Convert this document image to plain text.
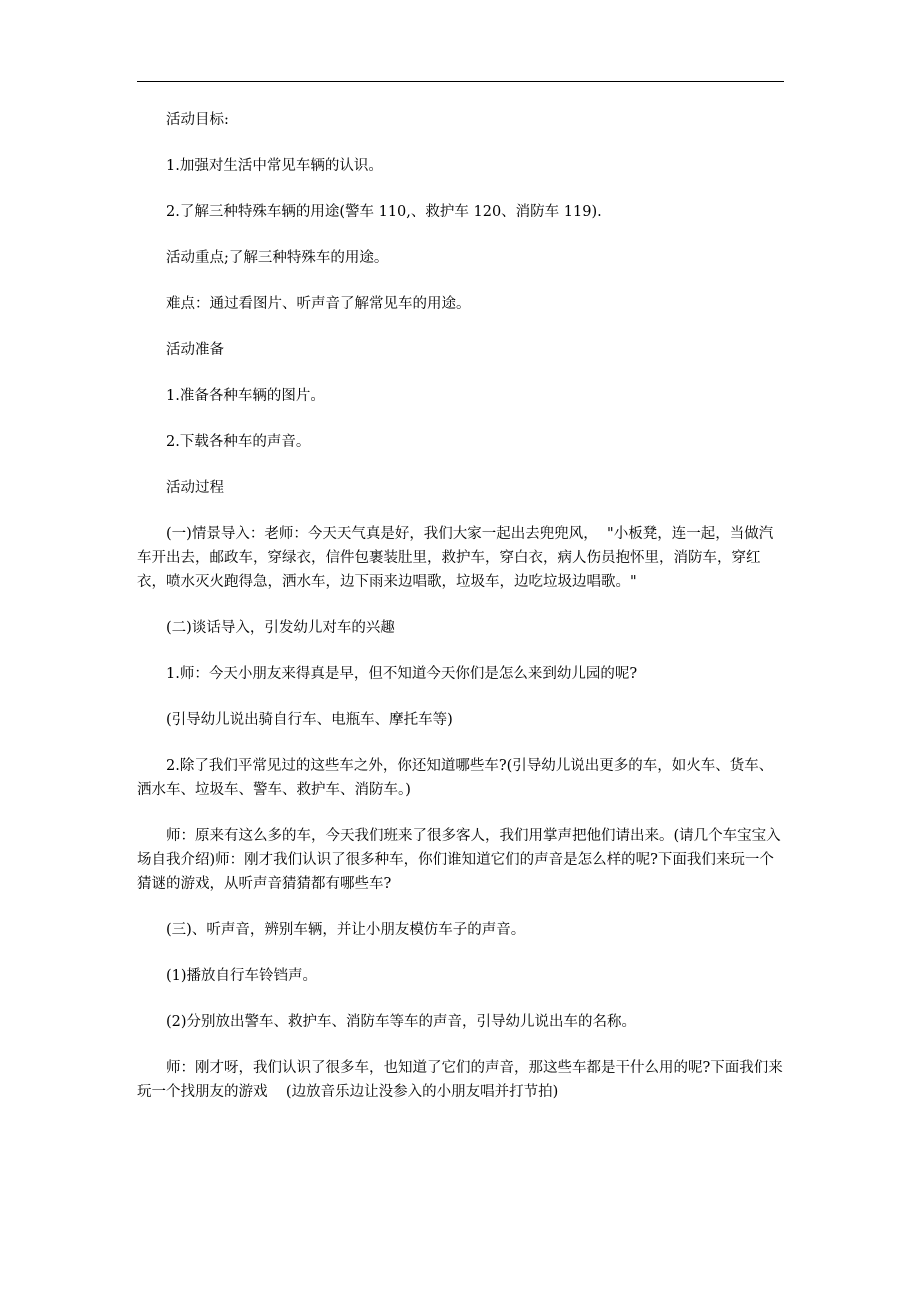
活动目标:

1.加强对生活中常见车辆的认识。

2.了解三种特殊车辆的用途(警车 110,、救护车 120、消防车 119).

活动重点;了解三种特殊车的用途。

难点：通过看图片、听声音了解常见车的用途。

活动准备

1.准备各种车辆的图片。

2.下载各种车的声音。

活动过程

(一)情景导入：老师：今天天气真是好，我们大家一起出去兜兜风，  "小板凳，连一起，当做汽车开出去，邮政车，穿绿衣，信件包裹装肚里，救护车，穿白衣，病人伤员抱怀里，消防车，穿红衣，喷水灭火跑得急，洒水车，边下雨来边唱歌，垃圾车，边吃垃圾边唱歌。"

(二)谈话导入，引发幼儿对车的兴趣

1.师：今天小朋友来得真是早，但不知道今天你们是怎么来到幼儿园的呢?

(引导幼儿说出骑自行车、电瓶车、摩托车等)

2.除了我们平常见过的这些车之外，你还知道哪些车?(引导幼儿说出更多的车，如火车、货车、洒水车、垃圾车、警车、救护车、消防车。)

师：原来有这么多的车，今天我们班来了很多客人，我们用掌声把他们请出来。(请几个车宝宝入场自我介绍)师：刚才我们认识了很多种车，你们谁知道它们的声音是怎么样的呢?下面我们来玩一个猜谜的游戏，从听声音猜猜都有哪些车?

(三)、听声音，辨别车辆，并让小朋友模仿车子的声音。

(1)播放自行车铃铛声。

(2)分别放出警车、救护车、消防车等车的声音，引导幼儿说出车的名称。

师：刚才呀，我们认识了很多车，也知道了它们的声音，那这些车都是干什么用的呢?下面我们来玩一个找朋友的游戏    (边放音乐边让没参入的小朋友唱并打节拍)
